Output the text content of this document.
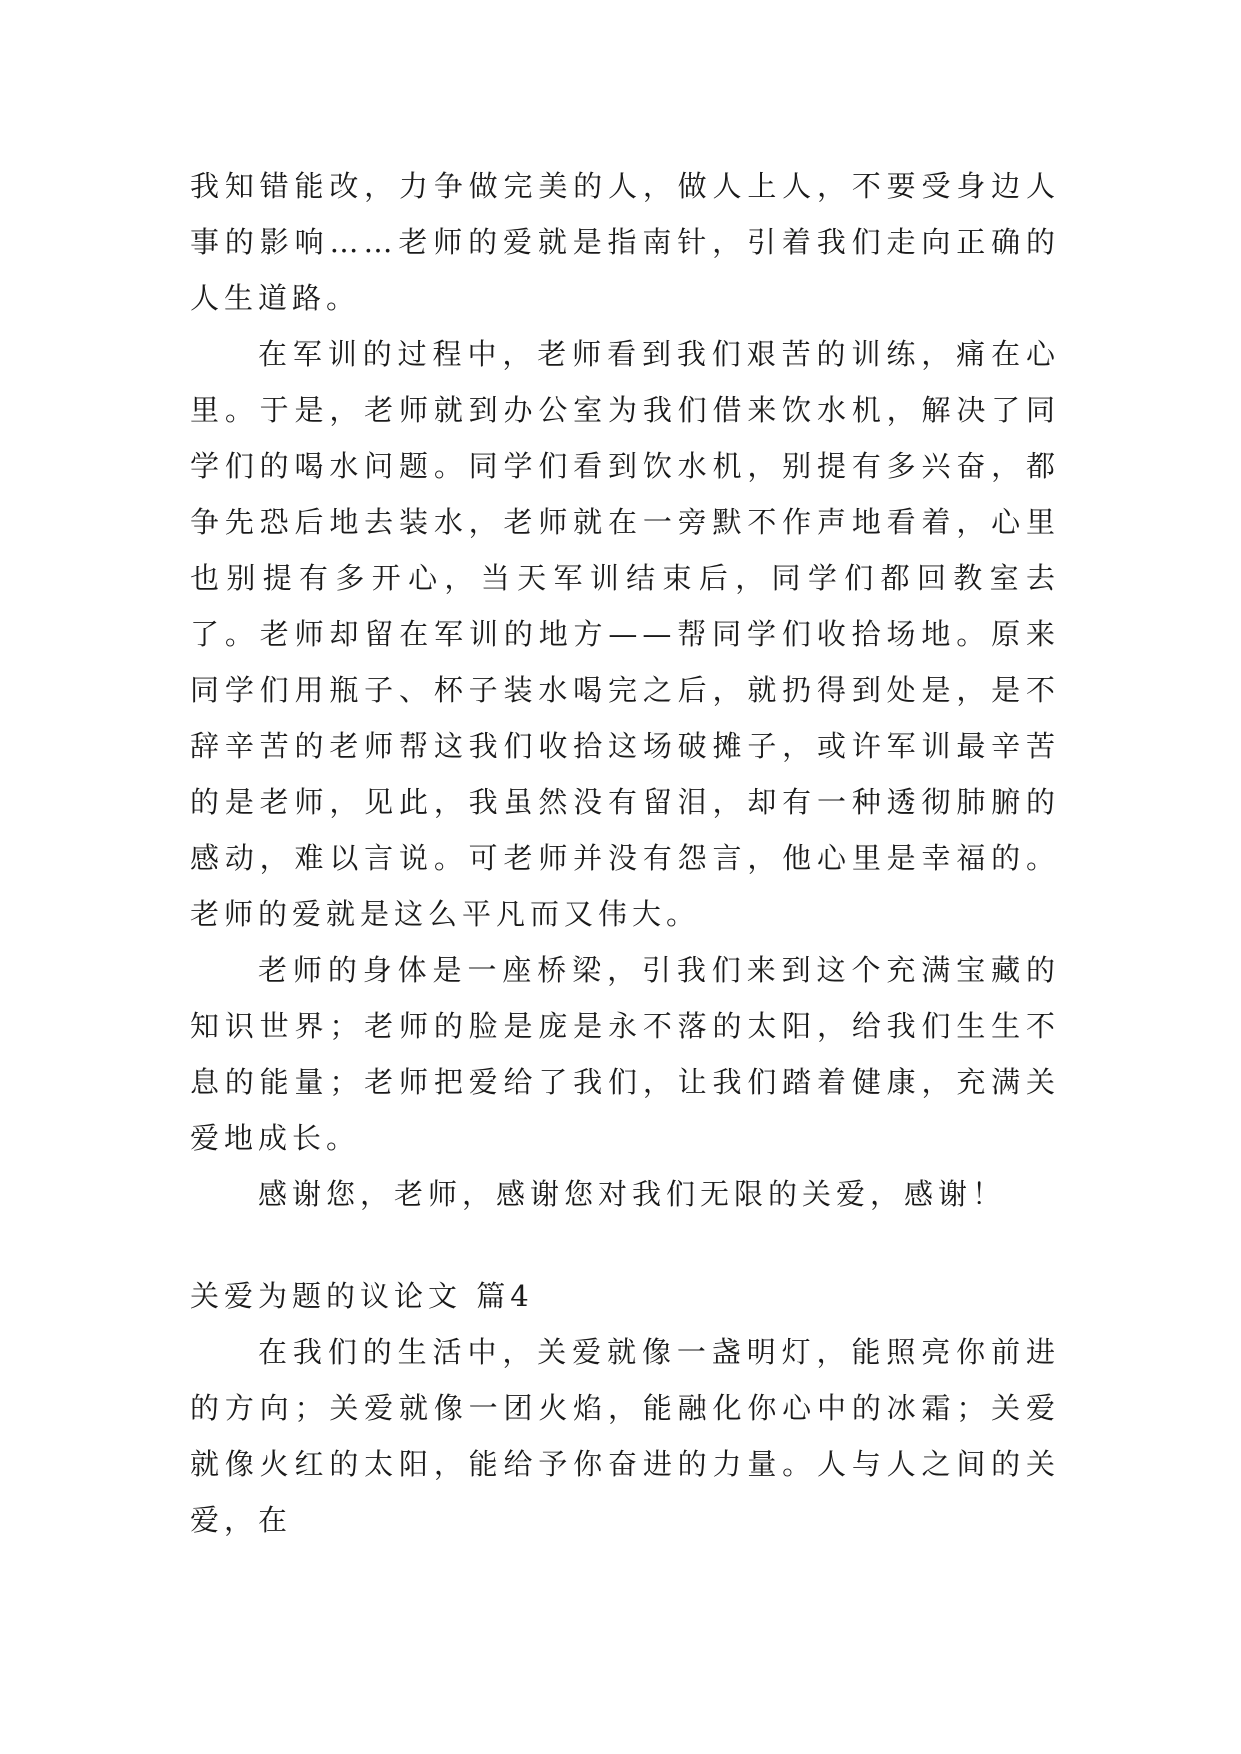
我知错能改，力争做完美的人，做人上人，不要受身边人事的影响……老师的爱就是指南针，引着我们走向正确的人生道路。

在军训的过程中，老师看到我们艰苦的训练，痛在心里。于是，老师就到办公室为我们借来饮水机，解决了同学们的喝水问题。同学们看到饮水机，别提有多兴奋，都争先恐后地去装水，老师就在一旁默不作声地看着，心里也别提有多开心，当天军训结束后，同学们都回教室去了。老师却留在军训的地方——帮同学们收拾场地。原来同学们用瓶子、杯子装水喝完之后，就扔得到处是，是不辞辛苦的老师帮这我们收拾这场破摊子，或许军训最辛苦的是老师，见此，我虽然没有留泪，却有一种透彻肺腑的感动，难以言说。可老师并没有怨言，他心里是幸福的。老师的爱就是这么平凡而又伟大。

老师的身体是一座桥梁，引我们来到这个充满宝藏的知识世界；老师的脸是庞是永不落的太阳，给我们生生不息的能量；老师把爱给了我们，让我们踏着健康，充满关爱地成长。

感谢您，老师，感谢您对我们无限的关爱，感谢！

关爱为题的议论文 篇4

在我们的生活中，关爱就像一盏明灯，能照亮你前进的方向；关爱就像一团火焰，能融化你心中的冰霜；关爱就像火红的太阳，能给予你奋进的力量。人与人之间的关爱，在
